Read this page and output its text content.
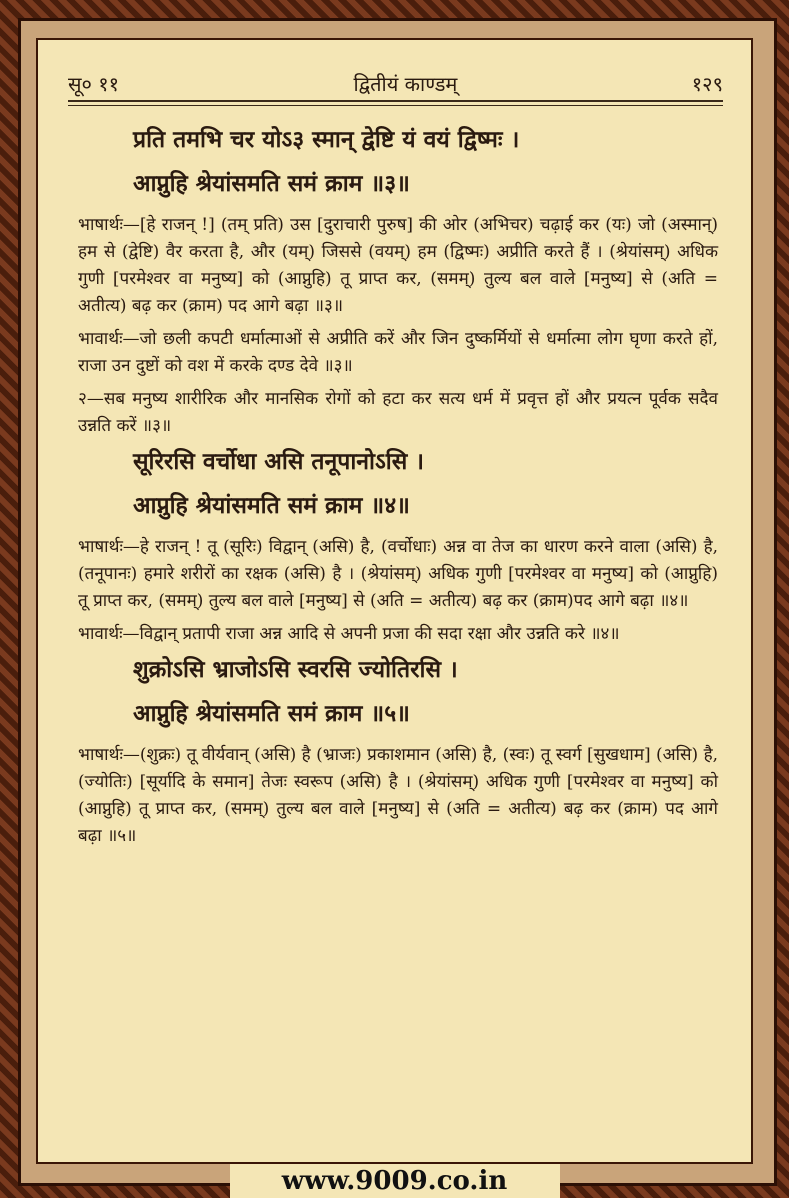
सू० ११	द्वितीयं काण्डम्	१२९
प्रति तमभि चर योऽ३ स्मान् द्वेष्टि यं वयं द्विष्मः ।
आप्नुहि श्रेयांसमति समं क्राम ॥३॥
भाषार्थः—[हे राजन् !] (तम् प्रति) उस [दुराचारी पुरुष] की ओर (अभिचर) चढ़ाई कर (यः) जो (अस्मान्) हम से (द्वेष्टि) वैर करता है, और (यम्) जिससे (वयम्) हम (द्विष्मः) अप्रीति करते हैं । (श्रेयांसम्) अधिक गुणी [परमेश्वर वा मनुष्य] को (आप्नुहि) तू प्राप्त कर, (समम्) तुल्य बल वाले [मनुष्य] से (अति = अतीत्य) बढ़ कर (क्राम) पद आगे बढ़ा ॥३॥
भावार्थः—जो छली कपटी धर्मात्माओं से अप्रीति करें और जिन दुष्कर्मियों से धर्मात्मा लोग घृणा करते हों, राजा उन दुष्टों को वश में करके दण्ड देवे ॥३॥
२—सब मनुष्य शारीरिक और मानसिक रोगों को हटा कर सत्य धर्म में प्रवृत्त हों और प्रयत्न पूर्वक सदैव उन्नति करें ॥३॥
सूरिरसि वर्चोधा असि तनूपानोऽसि ।
आप्नुहि श्रेयांसमति समं क्राम ॥४॥
भाषार्थः—हे राजन् ! तू (सूरिः) विद्वान् (असि) है, (वर्चोधाः) अन्न वा तेज का धारण करने वाला (असि) है, (तनूपानः) हमारे शरीरों का रक्षक (असि) है । (श्रेयांसम्) अधिक गुणी [परमेश्वर वा मनुष्य] को (आप्नुहि) तू प्राप्त कर, (समम्) तुल्य बल वाले [मनुष्य] से (अति = अतीत्य) बढ़ कर (क्राम)पद आगे बढ़ा ॥४॥
भावार्थः—विद्वान् प्रतापी राजा अन्न आदि से अपनी प्रजा की सदा रक्षा और उन्नति करे ॥४॥
शुक्रोऽसि भ्राजोऽसि स्वरसि ज्योतिरसि ।
आप्नुहि श्रेयांसमति समं क्राम ॥५॥
भाषार्थः—(शुक्रः) तू वीर्यवान् (असि) है (भ्राजः) प्रकाशमान (असि) है, (स्वः) तू स्वर्ग [सुखधाम] (असि) है, (ज्योतिः) [सूर्यादि के समान] तेजः स्वरूप (असि) है । (श्रेयांसम्) अधिक गुणी [परमेश्वर वा मनुष्य] को (आप्नुहि) तू प्राप्त कर, (समम्) तुल्य बल वाले [मनुष्य] से (अति = अतीत्य) बढ़ कर (क्राम) पद आगे बढ़ा ॥५॥
www.9009.co.in
